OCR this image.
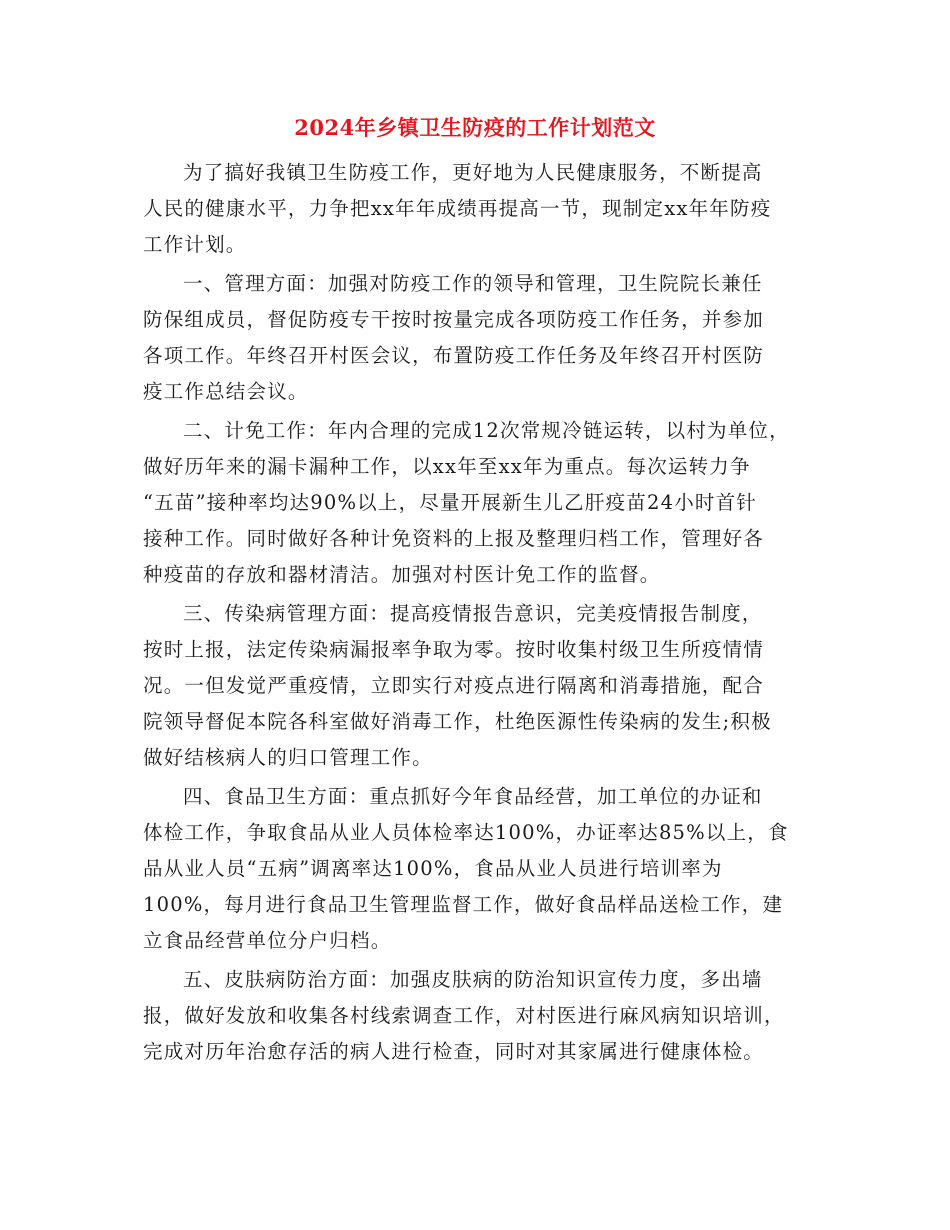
2024年乡镇卫生防疫的工作计划范文
为了搞好我镇卫生防疫工作，更好地为人民健康服务，不断提高
人民的健康水平，力争把xx年年成绩再提高一节，现制定xx年年防疫
工作计划。
一、管理方面：加强对防疫工作的领导和管理，卫生院院长兼任
防保组成员，督促防疫专干按时按量完成各项防疫工作任务，并参加
各项工作。年终召开村医会议，布置防疫工作任务及年终召开村医防
疫工作总结会议。
二、计免工作：年内合理的完成12次常规冷链运转，以村为单位，
做好历年来的漏卡漏种工作，以xx年至xx年为重点。每次运转力争
“五苗”接种率均达90%以上，尽量开展新生儿乙肝疫苗24小时首针
接种工作。同时做好各种计免资料的上报及整理归档工作，管理好各
种疫苗的存放和器材清洁。加强对村医计免工作的监督。
三、传染病管理方面：提高疫情报告意识，完美疫情报告制度，
按时上报，法定传染病漏报率争取为零。按时收集村级卫生所疫情情
况。一但发觉严重疫情，立即实行对疫点进行隔离和消毒措施，配合
院领导督促本院各科室做好消毒工作，杜绝医源性传染病的发生;积极
做好结核病人的归口管理工作。
四、食品卫生方面：重点抓好今年食品经营，加工单位的办证和
体检工作，争取食品从业人员体检率达100%，办证率达85%以上，食
品从业人员“五病”调离率达100%，食品从业人员进行培训率为
100%，每月进行食品卫生管理监督工作，做好食品样品送检工作，建
立食品经营单位分户归档。
五、皮肤病防治方面：加强皮肤病的防治知识宣传力度，多出墙
报，做好发放和收集各村线索调查工作，对村医进行麻风病知识培训，
完成对历年治愈存活的病人进行检查，同时对其家属进行健康体检。
